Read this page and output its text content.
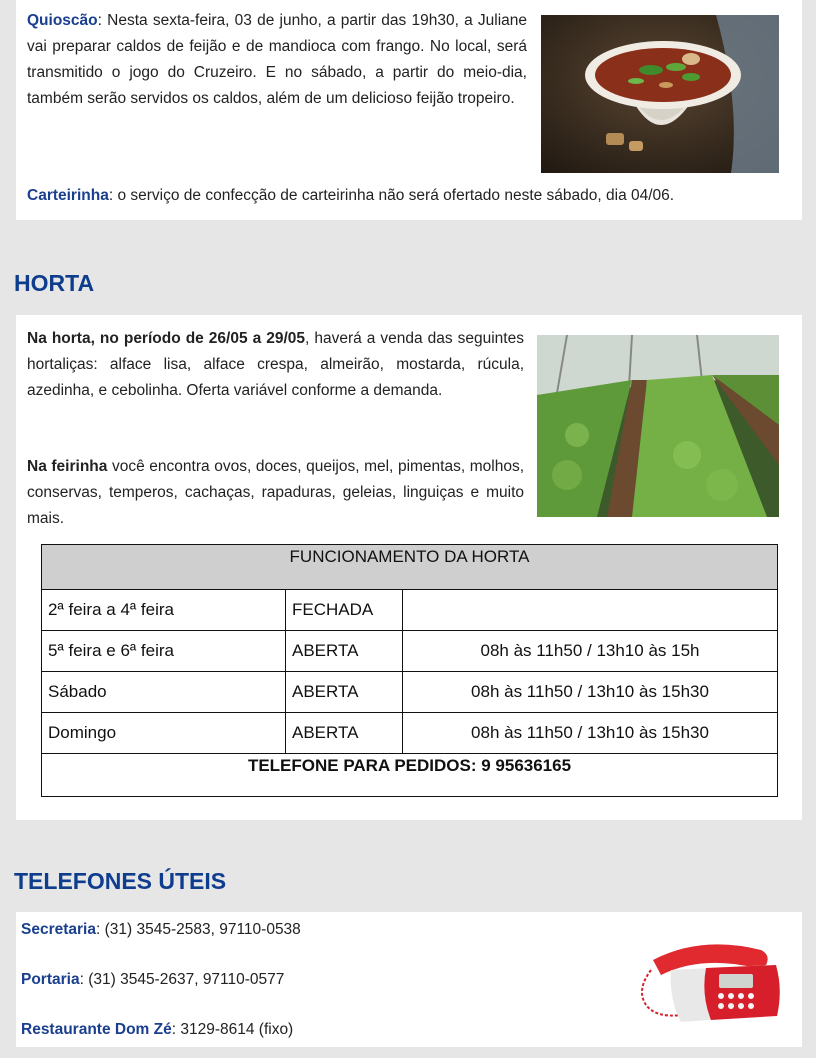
Quioscão: Nesta sexta-feira, 03 de junho, a partir das 19h30, a Juliane vai preparar caldos de feijão e de mandioca com frango. No local, será transmitido o jogo do Cruzeiro. E no sábado, a partir do meio-dia, também serão servidos os caldos, além de um delicioso feijão tropeiro.

Carteirinha: o serviço de confecção de carteirinha não será ofertado neste sábado, dia 04/06.

HORTA

Na horta, no período de 26/05 a 29/05, haverá a venda das seguintes hortaliças: alface lisa, alface crespa, almeirão, mostarda, rúcula, azedinha, e cebolinha. Oferta variável conforme a demanda.

Na feirinha você encontra ovos, doces, queijos, mel, pimentas, molhos, conservas, temperos, cachaças, rapaduras, geleias, linguiças e muito mais.

FUNCIONAMENTO DA HORTA		
2ª feira a 4ª feira	FECHADA	
5ª feira e 6ª feira	ABERTA	08h às 11h50 / 13h10 às 15h
Sábado	ABERTA	08h às 11h50 / 13h10 às 15h30
Domingo	ABERTA	08h às 11h50 / 13h10 às 15h30
TELEFONE PARA PEDIDOS: 9 95636165		
TELEFONES ÚTEIS

Secretaria: (31) 3545-2583, 97110-0538

Portaria: (31) 3545-2637, 97110-0577

Restaurante Dom Zé: 3129-8614 (fixo)
